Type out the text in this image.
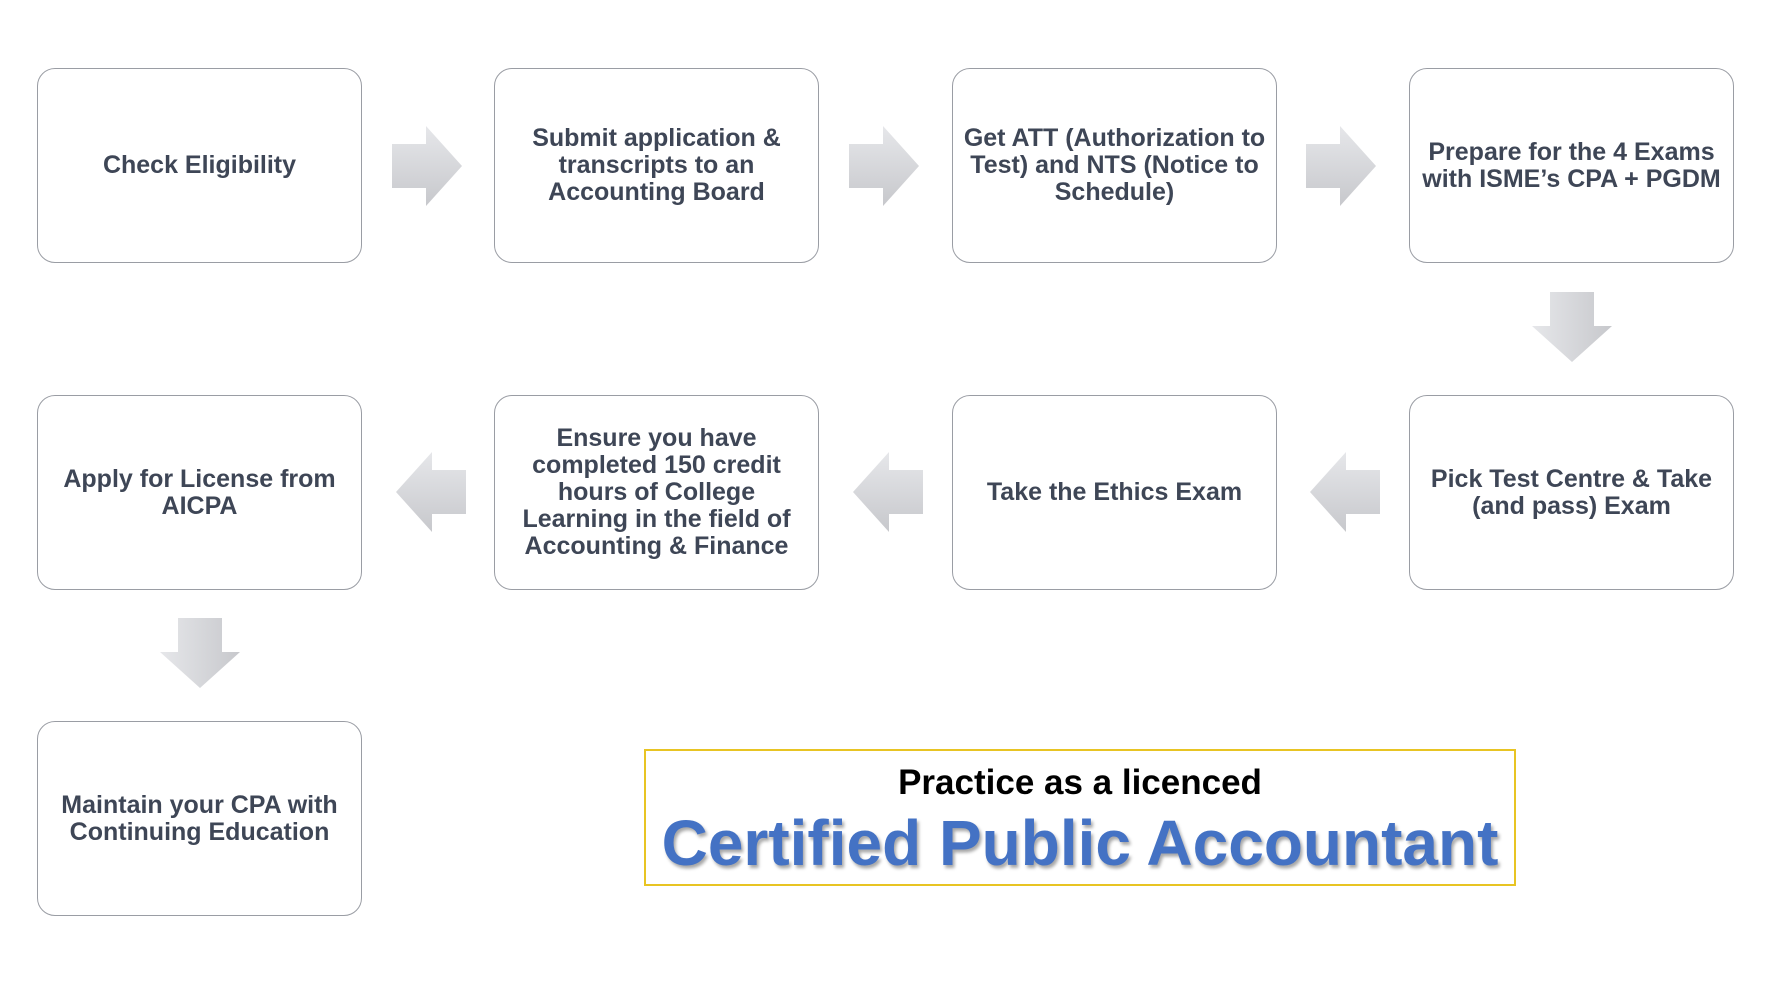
Check Eligibility
Submit application & transcripts to an Accounting Board
Get ATT (Authorization to Test) and NTS (Notice to Schedule)
Prepare for the 4 Exams with ISME’s CPA + PGDM
Pick Test Centre & Take (and pass) Exam
Take the Ethics Exam
Ensure you have completed 150 credit hours of College Learning in the field of Accounting & Finance
Apply for License from AICPA
Maintain your CPA with Continuing Education
Practice as a licenced
Certified Public Accountant
